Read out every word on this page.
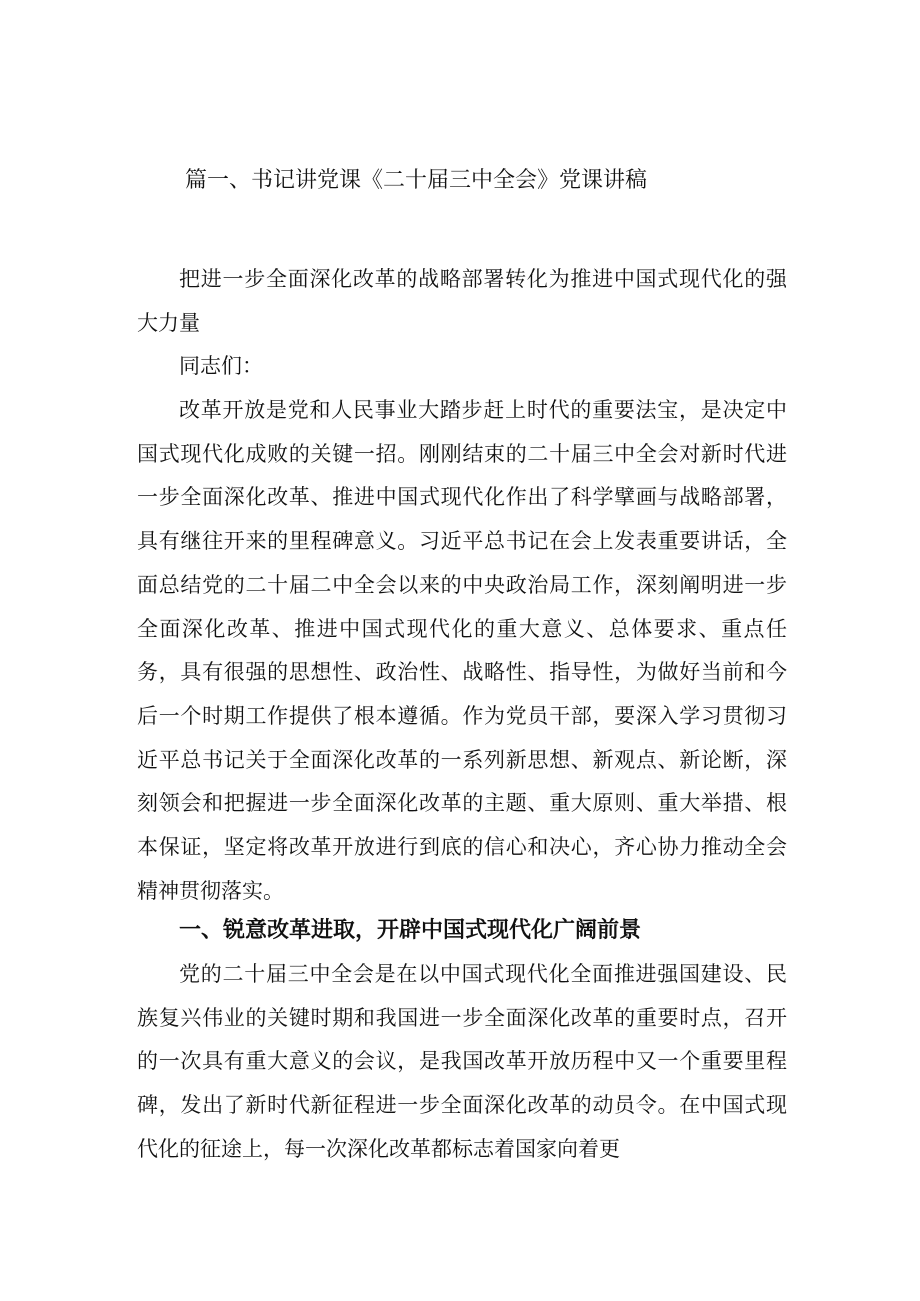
篇一、书记讲党课《二十届三中全会》党课讲稿

把进一步全面深化改革的战略部署转化为推进中国式现代化的强大力量

同志们：

改革开放是党和人民事业大踏步赶上时代的重要法宝，是决定中国式现代化成败的关键一招。刚刚结束的二十届三中全会对新时代进一步全面深化改革、推进中国式现代化作出了科学擘画与战略部署，具有继往开来的里程碑意义。习近平总书记在会上发表重要讲话，全面总结党的二十届二中全会以来的中央政治局工作，深刻阐明进一步全面深化改革、推进中国式现代化的重大意义、总体要求、重点任务，具有很强的思想性、政治性、战略性、指导性，为做好当前和今后一个时期工作提供了根本遵循。作为党员干部，要深入学习贯彻习近平总书记关于全面深化改革的一系列新思想、新观点、新论断，深刻领会和把握进一步全面深化改革的主题、重大原则、重大举措、根本保证，坚定将改革开放进行到底的信心和决心，齐心协力推动全会精神贯彻落实。

一、锐意改革进取，开辟中国式现代化广阔前景

党的二十届三中全会是在以中国式现代化全面推进强国建设、民族复兴伟业的关键时期和我国进一步全面深化改革的重要时点，召开的一次具有重大意义的会议，是我国改革开放历程中又一个重要里程碑，发出了新时代新征程进一步全面深化改革的动员令。在中国式现代化的征途上，每一次深化改革都标志着国家向着更
